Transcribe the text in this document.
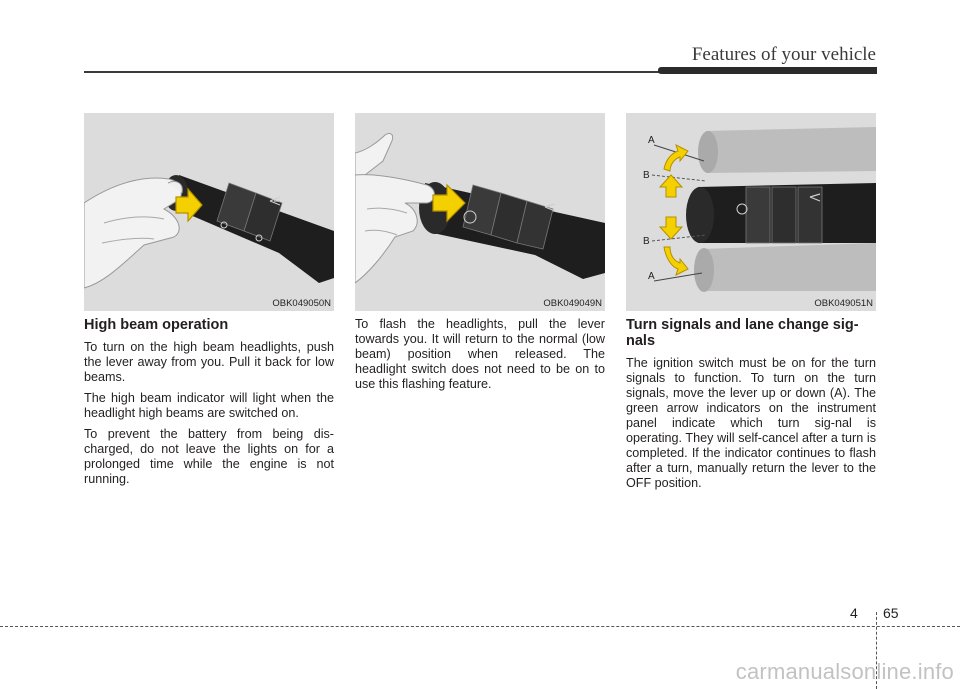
Features of your vehicle
OBK049050N	OBK049049N
A
B
B
A
OBK049051N
High beam operation

To turn on the high beam headlights, push the lever away from you. Pull it back for low beams.

The high beam indicator will light when the headlight high beams are switched on.

To prevent the battery from being dis-charged, do not leave the lights on for a prolonged time while the engine is not running.

To flash the headlights, pull the lever towards you. It will return to the normal (low beam) position when released. The headlight switch does not need to be on to use this flashing feature.

Turn signals and lane change sig-nals

The ignition switch must be on for the turn signals to function. To turn on the turn signals, move the lever up or down (A). The green arrow indicators on the instrument panel indicate which turn sig-nal is operating. They will self-cancel after a turn is completed. If the indicator continues to flash after a turn, manually return the lever to the OFF position.

4 65
carmanualsonline.info
